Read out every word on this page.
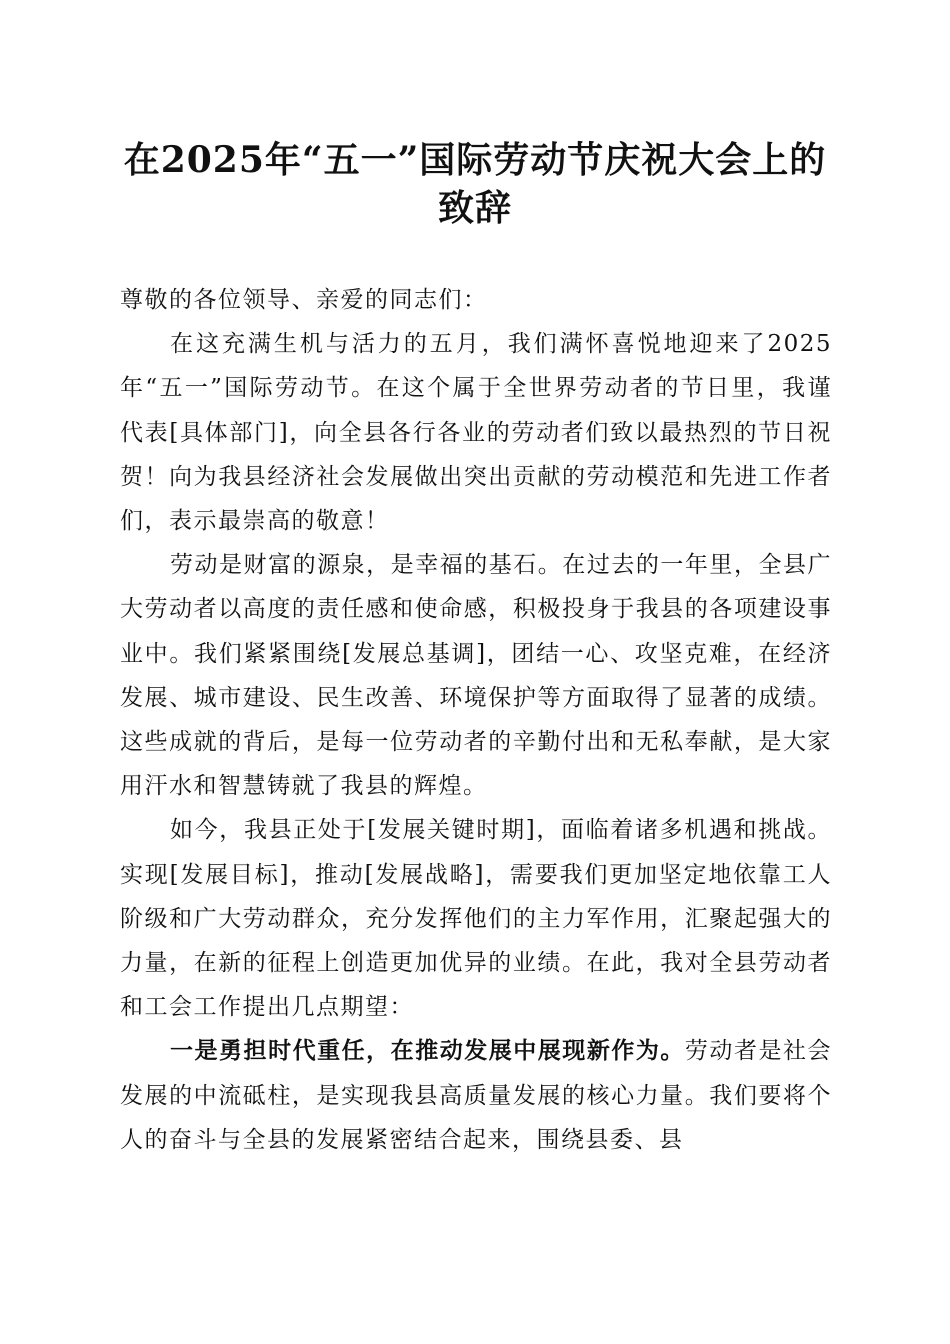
在2025年“五一”国际劳动节庆祝大会上的
致辞

尊敬的各位领导、亲爱的同志们：

在这充满生机与活力的五月，我们满怀喜悦地迎来了2025年“五一”国际劳动节。在这个属于全世界劳动者的节日里，我谨代表[具体部门]，向全县各行各业的劳动者们致以最热烈的节日祝贺！向为我县经济社会发展做出突出贡献的劳动模范和先进工作者们，表示最崇高的敬意！

劳动是财富的源泉，是幸福的基石。在过去的一年里，全县广大劳动者以高度的责任感和使命感，积极投身于我县的各项建设事业中。我们紧紧围绕[发展总基调]，团结一心、攻坚克难，在经济发展、城市建设、民生改善、环境保护等方面取得了显著的成绩。这些成就的背后，是每一位劳动者的辛勤付出和无私奉献，是大家用汗水和智慧铸就了我县的辉煌。

如今，我县正处于[发展关键时期]，面临着诸多机遇和挑战。实现[发展目标]，推动[发展战略]，需要我们更加坚定地依靠工人阶级和广大劳动群众，充分发挥他们的主力军作用，汇聚起强大的力量，在新的征程上创造更加优异的业绩。在此，我对全县劳动者和工会工作提出几点期望：

一是勇担时代重任，在推动发展中展现新作为。劳动者是社会发展的中流砥柱，是实现我县高质量发展的核心力量。我们要将个人的奋斗与全县的发展紧密结合起来，围绕县委、县
